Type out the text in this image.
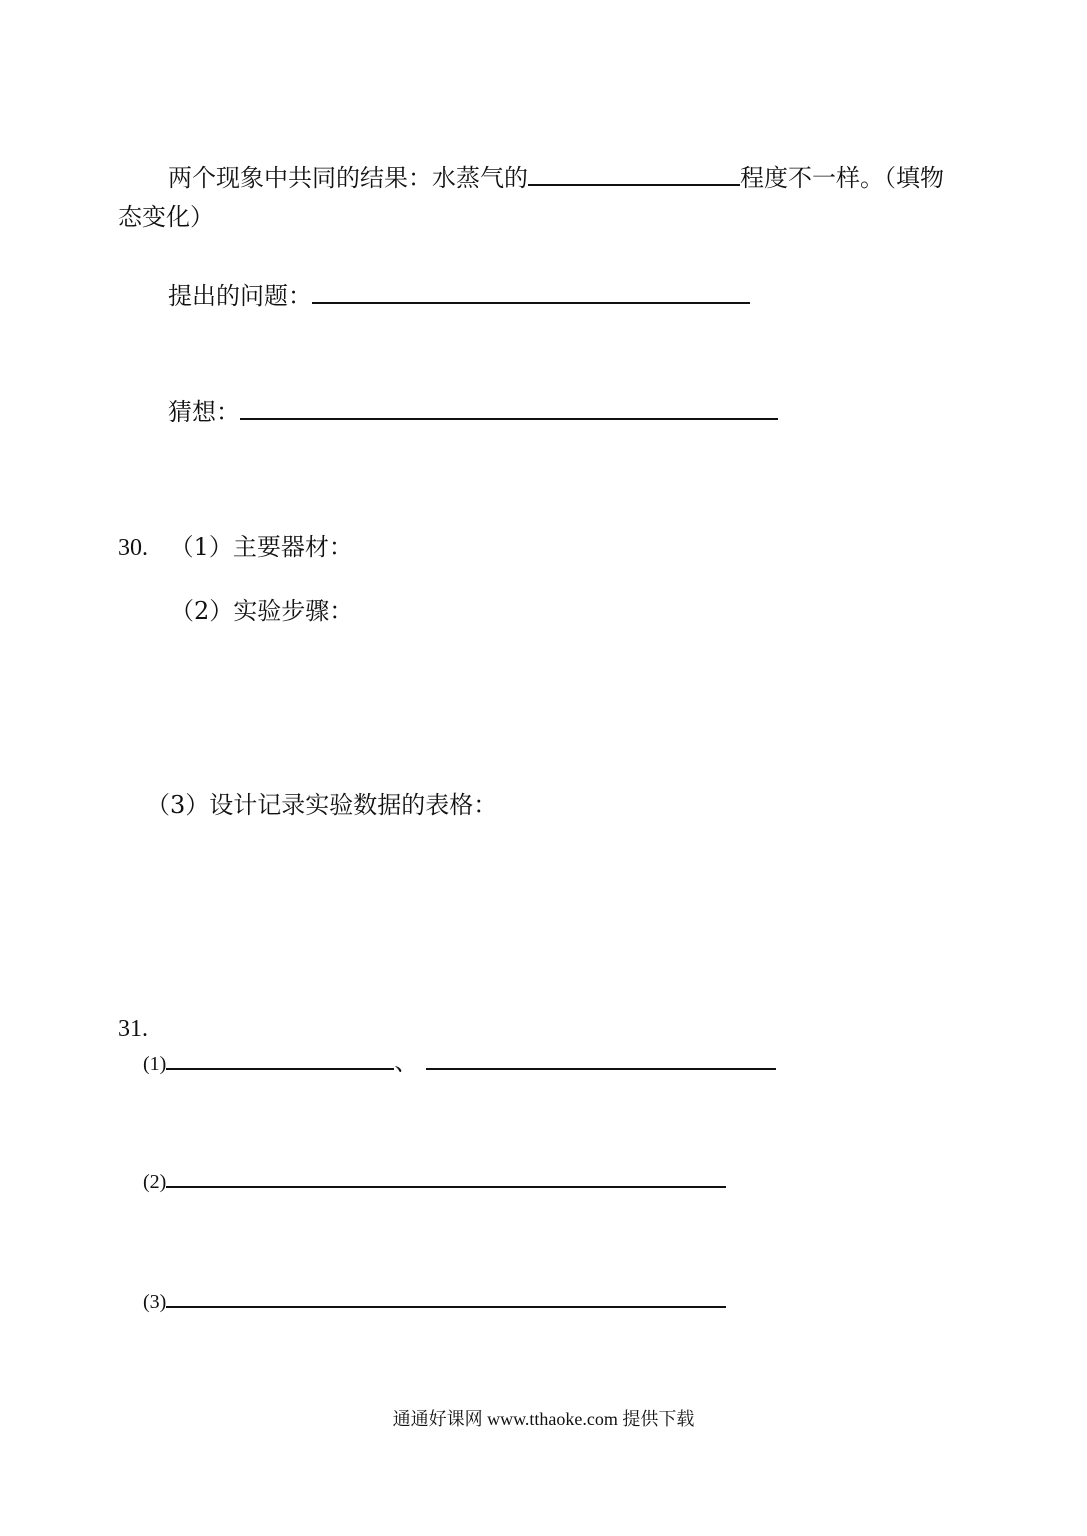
两个现象中共同的结果：水蒸气的	程度不一样。（填物
态变化）
提出的问题：
猜想：
30. （1）主要器材：
（2）实验步骤：
（3）设计记录实验数据的表格：
31.
(1)	、
(2)
(3)
通通好课网 www.tthaoke.com 提供下载
